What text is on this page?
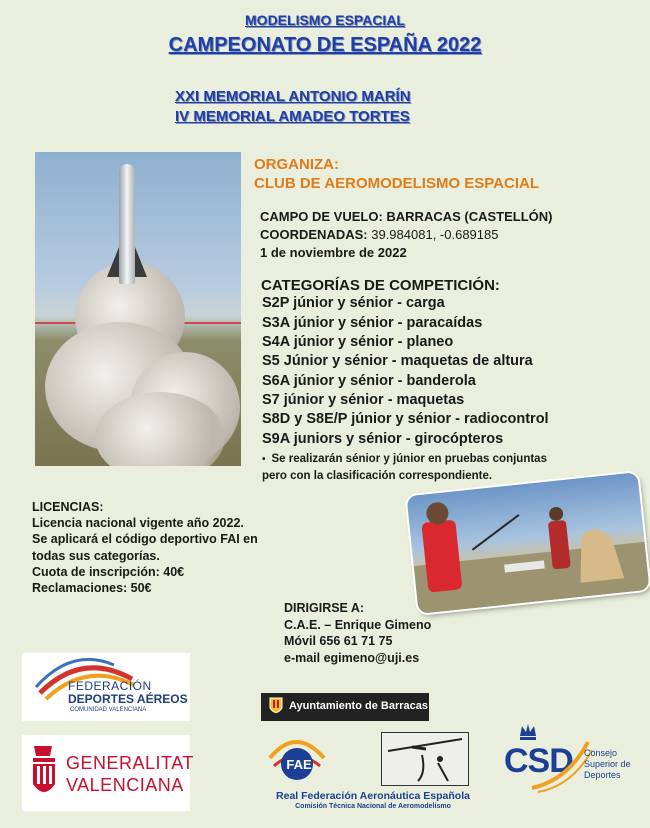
MODELISMO ESPACIAL
CAMPEONATO DE ESPAÑA 2022
XXI MEMORIAL ANTONIO MARÍN
IV MEMORIAL AMADEO TORTES
ORGANIZA:
CLUB DE AEROMODELISMO ESPACIAL
CAMPO DE VUELO: BARRACAS (CASTELLÓN)
COORDENADAS: 39.984081, -0.689185
1 de noviembre de 2022
CATEGORÍAS DE COMPETICIÓN:
S2P júnior y sénior - carga
S3A júnior y sénior - paracaídas
S4A júnior y sénior - planeo
S5 Júnior y sénior - maquetas de altura
S6A júnior y sénior - banderola
S7 júnior y sénior - maquetas
S8D y S8E/P júnior y sénior - radiocontrol
S9A juniors y sénior - girocópteros
• Se realizarán sénior y júnior en pruebas conjuntas pero con la clasificación correspondiente.
LICENCIAS:
Licencia nacional vigente año 2022.
Se aplicará el código deportivo FAI en
todas sus categorías.
Cuota de inscripción: 40€
Reclamaciones: 50€
DIRIGIRSE A:
C.A.E. – Enrique Gimeno
Móvil 656 61 71 75
e-mail egimeno@uji.es
FEDERACIÓN
DEPORTES AÉREOS
COMUNIDAD VALENCIANA
GENERALITAT
VALENCIANA
Ayuntamiento de Barracas
FAE
Real Federación Aeronáutica Española
Comisión Técnica Nacional de Aeromodelismo
CSD Consejo
Superior de
Deportes
